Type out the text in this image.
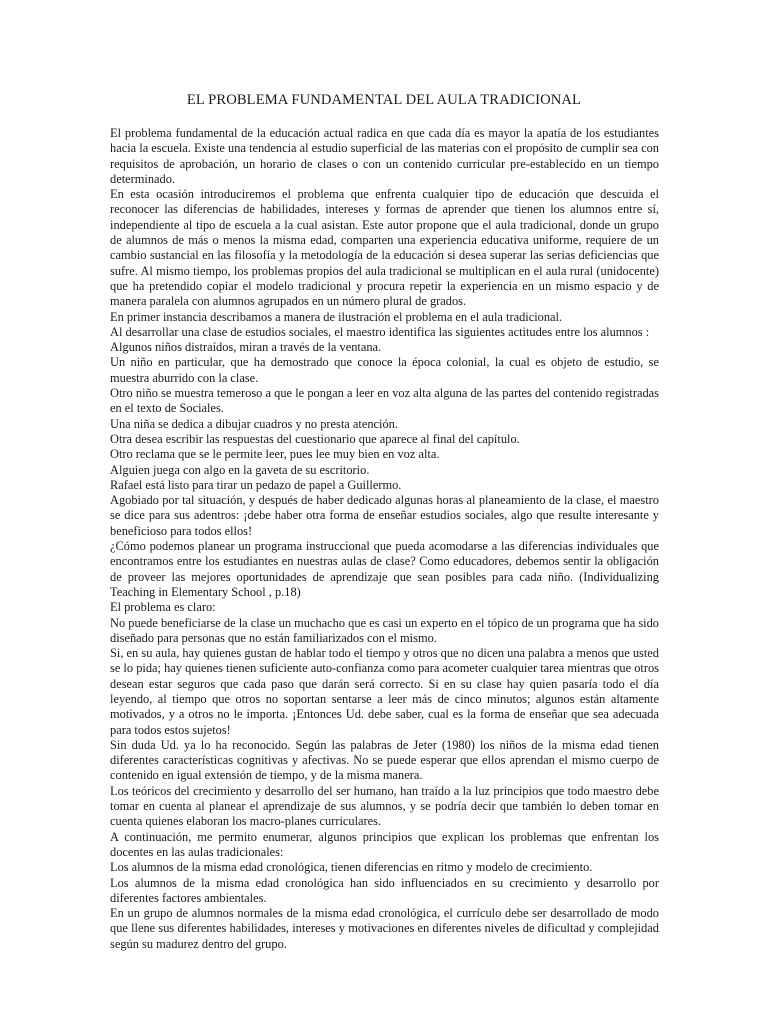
EL PROBLEMA FUNDAMENTAL DEL AULA TRADICIONAL

El problema fundamental de la educación actual radica en que cada día es mayor la apatía de los estudiantes hacia la escuela. Existe una tendencia al estudio superficial de las materias con el propósito de cumplir sea con requisitos de aprobación, un horario de clases o con un contenido curricular pre-establecido en un tiempo determinado.

En esta ocasión introduciremos el problema que enfrenta cualquier tipo de educación que descuida el reconocer las diferencias de habilidades, intereses y formas de aprender que tienen los alumnos entre sí, independiente al tipo de escuela a la cual asistan. Este autor propone que el aula tradicional, donde un grupo de alumnos de más o menos la misma edad, comparten una experiencia educativa uniforme, requiere de un cambio sustancial en las filosofía y la metodología de la educación si desea superar las serias deficiencias que sufre. Al mismo tiempo, los problemas propios del aula tradicional se multiplican en el aula rural (unidocente) que ha pretendido copiar el modelo tradicional y procura repetir la experiencia en un mismo espacio y de manera paralela con alumnos agrupados en un número plural de grados.

En primer instancia describamos a manera de ilustración el problema en el aula tradicional.

Al desarrollar una clase de estudios sociales, el maestro identifica las siguientes actitudes entre los alumnos :

Algunos niños distraídos, miran a través de la ventana.

Un niño en particular, que ha demostrado que conoce la época colonial, la cual es objeto de estudio, se muestra aburrido con la clase.

Otro niño se muestra temeroso a que le pongan a leer en voz alta alguna de las partes del contenido registradas en el texto de Sociales.

Una niña se dedica a dibujar cuadros y no presta atención.

Otra desea escribir las respuestas del cuestionario que aparece al final del capítulo.

Otro reclama que se le permite leer, pues lee muy bien en voz alta.

Alguien juega con algo en la gaveta de su escritorio.

Rafael está listo para tirar un pedazo de papel a Guillermo.

Agobiado por tal situación, y después de haber dedicado algunas horas al planeamiento de la clase, el maestro se dice para sus adentros: ¡debe haber otra forma de enseñar estudios sociales, algo que resulte interesante y beneficioso para todos ellos!

¿Cómo podemos planear un programa instruccional que pueda acomodarse a las diferencias individuales que encontramos entre los estudiantes en nuestras aulas de clase? Como educadores, debemos sentir la obligación de proveer las mejores oportunidades de aprendizaje que sean posibles para cada niño. (Individualizing Teaching in Elementary School , p.18)

El problema es claro:

No puede beneficiarse de la clase un muchacho que es casi un experto en el tópico de un programa que ha sido diseñado para personas que no están familiarizados con el mismo.

Si, en su aula, hay quienes gustan de hablar todo el tiempo y otros que no dicen una palabra a menos que usted se lo pida; hay quienes tienen suficiente auto-confianza como para acometer cualquier tarea mientras que otros desean estar seguros que cada paso que darán será correcto. Si en su clase hay quien pasaría todo el día leyendo, al tiempo que otros no soportan sentarse a leer más de cinco minutos; algunos están altamente motivados, y a otros no le importa. ¡Entonces Ud. debe saber, cual es la forma de enseñar que sea adecuada para todos estos sujetos!

Sin duda Ud. ya lo ha reconocido. Según las palabras de Jeter (1980) los niños de la misma edad tienen diferentes características cognitivas y afectivas. No se puede esperar que ellos aprendan el mismo cuerpo de contenido en igual extensión de tiempo, y de la misma manera.

Los teóricos del crecimiento y desarrollo del ser humano, han traído a la luz principios que todo maestro debe tomar en cuenta al planear el aprendizaje de sus alumnos, y se podría decir que también lo deben tomar en cuenta quienes elaboran los macro-planes curriculares.

A continuación, me permito enumerar, algunos principios que explican los problemas que enfrentan los docentes en las aulas tradicionales:

Los alumnos de la misma edad cronológica, tienen diferencias en ritmo y modelo de crecimiento.

Los alumnos de la misma edad cronológica han sido influenciados en su crecimiento y desarrollo por diferentes factores ambientales.

En un grupo de alumnos normales de la misma edad cronológica, el currículo debe ser desarrollado de modo que llene sus diferentes habilidades, intereses y motivaciones en diferentes niveles de dificultad y complejidad según su madurez dentro del grupo.
